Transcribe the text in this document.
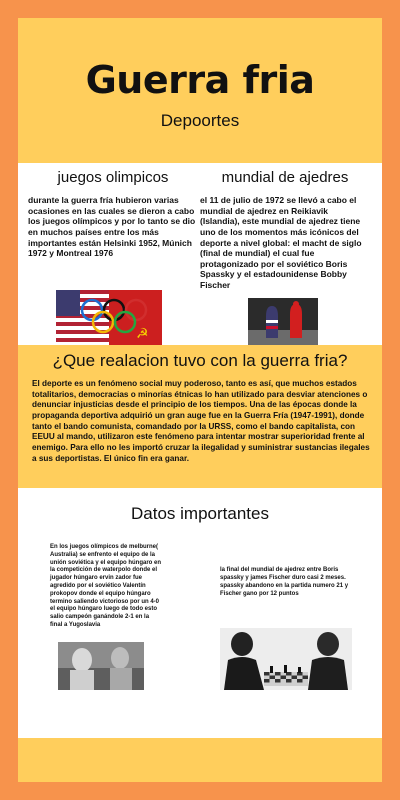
Guerra fria
Depoortes
juegos olimpicos
durante la guerra fría hubieron varias ocasiones en las cuales se dieron a cabo los juegos olímpicos y por lo tanto se dio en muchos países entre los más importantes están Helsinki 1952, Múnich 1972 y Montreal 1976
mundial de ajedres
el 11 de julio de 1972 se llevó a cabo el mundial de ajedrez en Reikiavik (Islandia), este mundial de ajedrez tiene uno de los momentos más icónicos del deporte a nivel global: el macht de siglo (final de mundial) el cual fue protagonizado por el soviético Boris Spassky y el estadounidense Bobby Fischer
☭
¿Que realacion tuvo con la guerra fria?
El deporte es un fenómeno social muy poderoso, tanto es así, que muchos estados totalitarios, democracias o minorías étnicas lo han utilizado para desviar atenciones o denunciar injusticias desde el principio de los tiempos. Una de las épocas donde la propaganda deportiva adquirió un gran auge fue en la Guerra Fría (1947-1991), donde tanto el bando comunista, comandado por la URSS, como el bando capitalista, con EEUU al mando, utilizaron este fenómeno para intentar mostrar superioridad frente al enemigo. Para ello no les importó cruzar la ilegalidad y suministrar sustancias ilegales a sus deportistas. El único fin era ganar.
Datos importantes
En los juegos olímpicos de melburne( Australia) se enfrento el equipo de la unión soviética y el equipo húngaro en la competición de waterpolo donde el jugador húngaro ervin zador fue agredido por el soviético Valentín prokopov donde el equipo húngaro termino saliendo victorioso por un 4-0 el equipo húngaro luego de todo esto salio campeón ganándole 2-1 en la final a Yugoslavia
la final del mundial de ajedrez entre Boris spassky y james Fischer duro casi 2 meses. spassky abandono en la partida numero 21 y Fischer gano por 12 puntos
